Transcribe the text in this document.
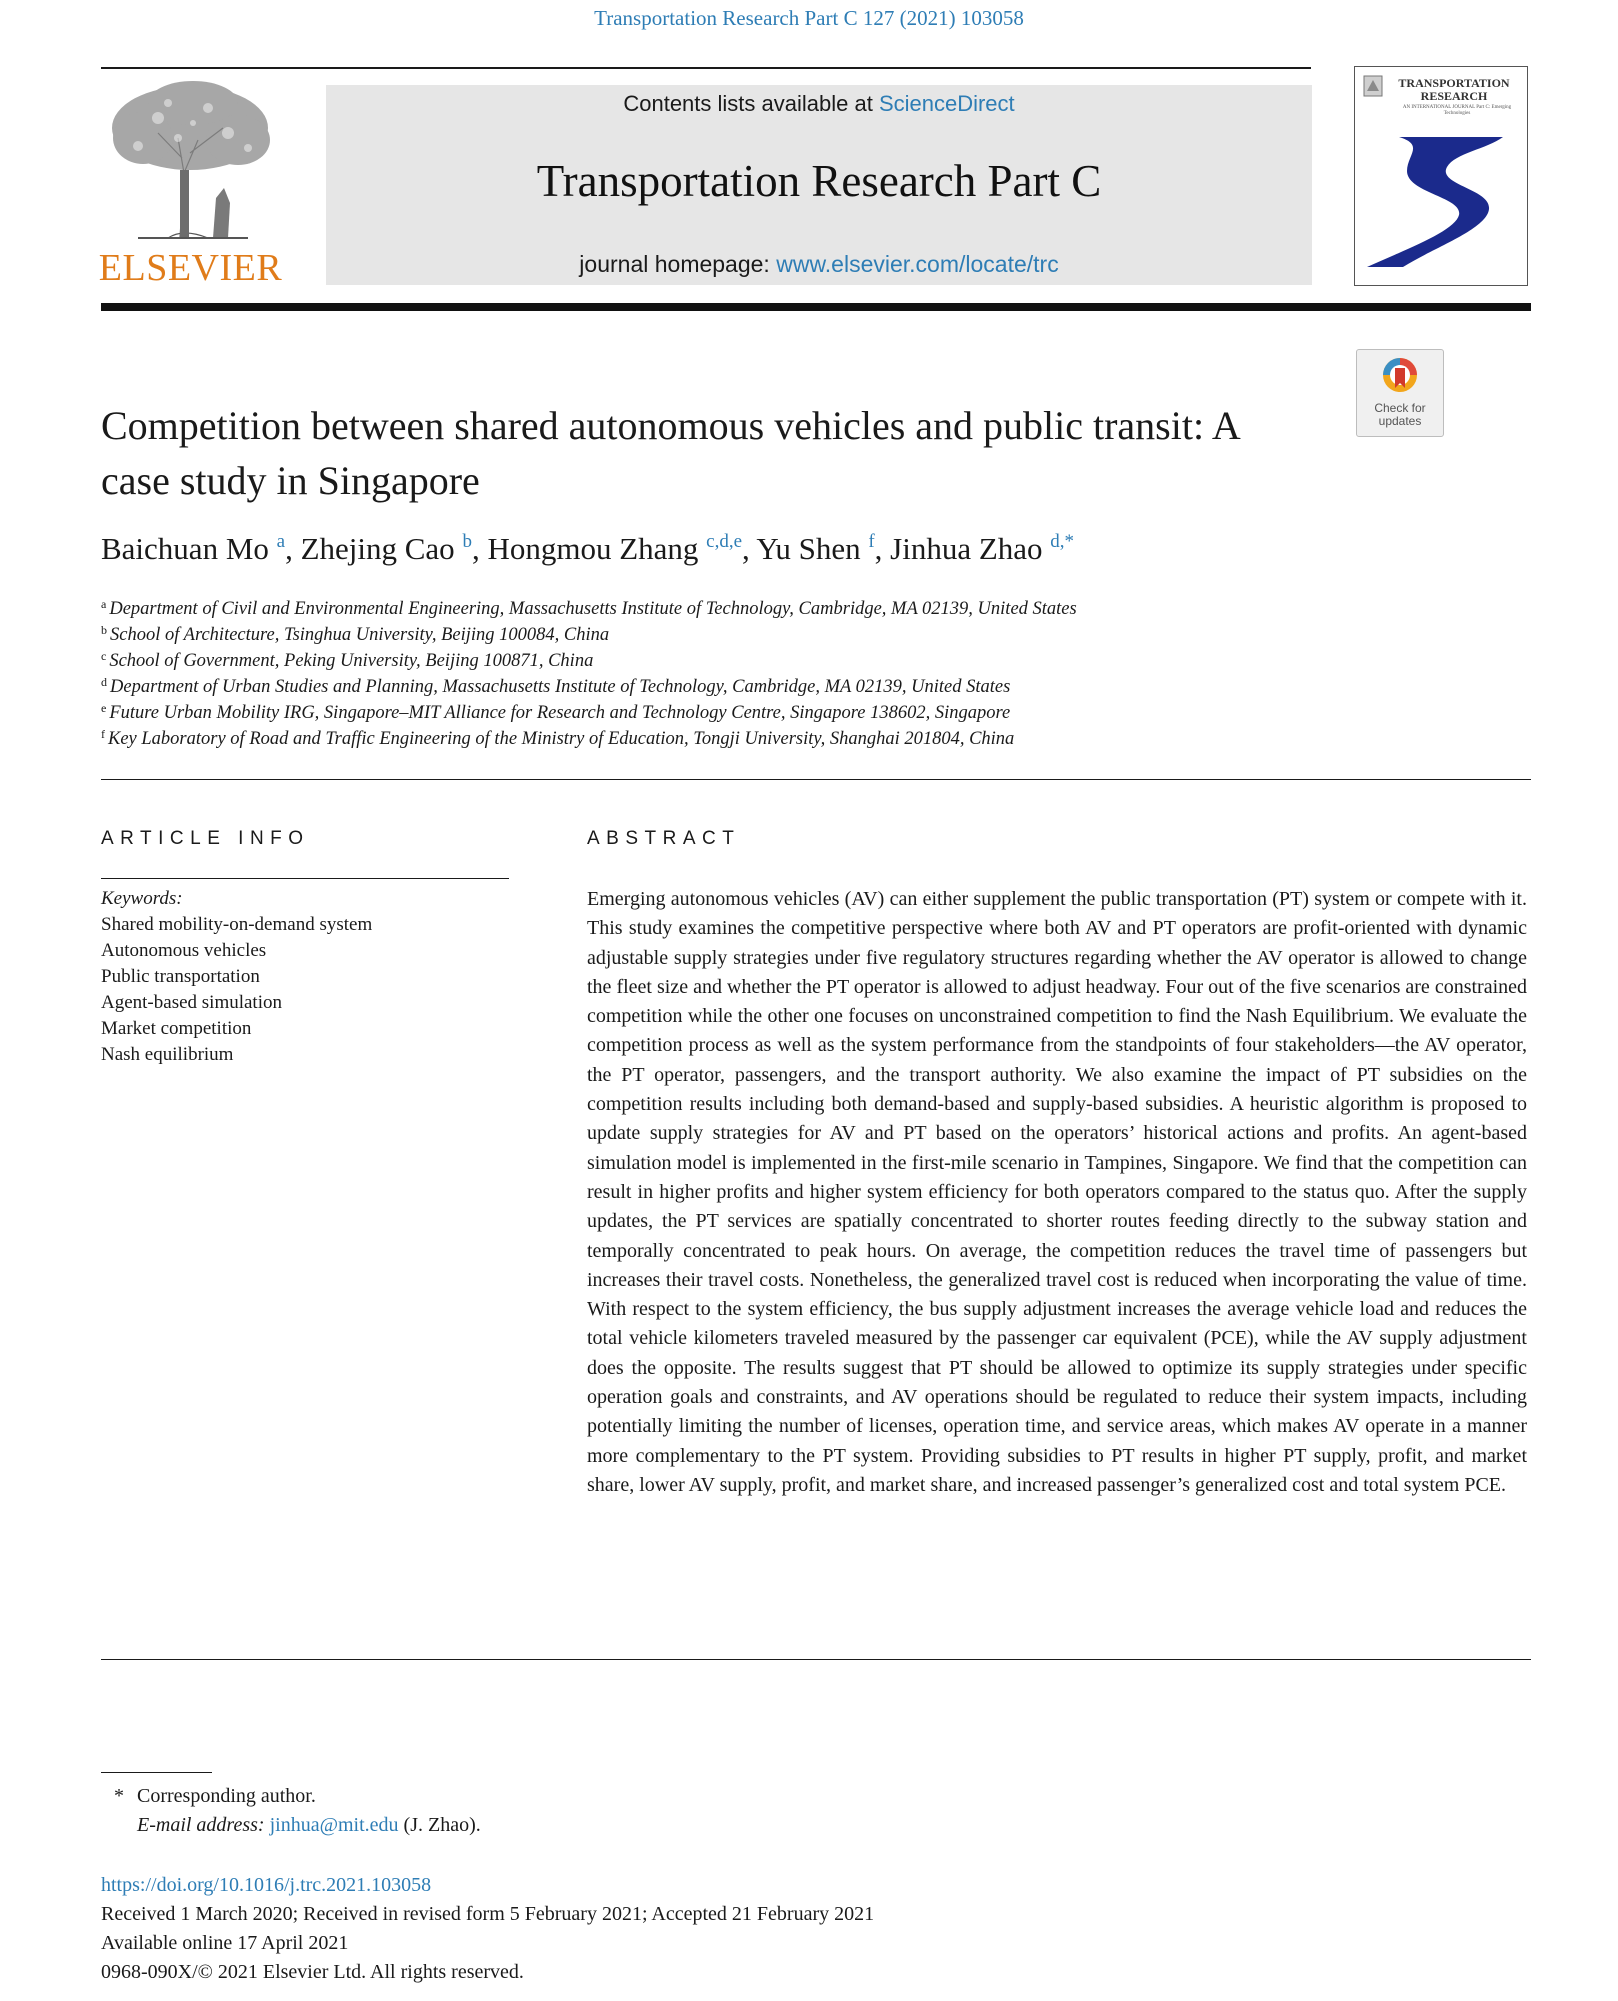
Transportation Research Part C 127 (2021) 103058
ELSEVIER
Contents lists available at ScienceDirect
Transportation Research Part C
journal homepage: www.elsevier.com/locate/trc
TRANSPORTATION RESEARCH
AN INTERNATIONAL JOURNAL Part C: Emerging Technologies
Check for updates
Competition between shared autonomous vehicles and public transit: A case study in Singapore
Baichuan Mo $^a$, Zhejing Cao $^b$, Hongmou Zhang $^{c,d,e}$, Yu Shen $^f$, Jinhua Zhao $^{d,*}$
$^a$ Department of Civil and Environmental Engineering, Massachusetts Institute of Technology, Cambridge, MA 02139, United States
$^b$ School of Architecture, Tsinghua University, Beijing 100084, China
$^c$ School of Government, Peking University, Beijing 100871, China
$^d$ Department of Urban Studies and Planning, Massachusetts Institute of Technology, Cambridge, MA 02139, United States
$^e$ Future Urban Mobility IRG, Singapore–MIT Alliance for Research and Technology Centre, Singapore 138602, Singapore
$^f$ Key Laboratory of Road and Traffic Engineering of the Ministry of Education, Tongji University, Shanghai 201804, China
ARTICLE INFO	ABSTRACT
Keywords:
Shared mobility-on-demand system
Autonomous vehicles
Public transportation
Agent-based simulation
Market competition
Nash equilibrium

Emerging autonomous vehicles (AV) can either supplement the public transportation (PT) system or compete with it. This study examines the competitive perspective where both AV and PT operators are profit-oriented with dynamic adjustable supply strategies under five regulatory structures regarding whether the AV operator is allowed to change the fleet size and whether the PT operator is allowed to adjust headway. Four out of the five scenarios are constrained competition while the other one focuses on unconstrained competition to find the Nash Equilibrium. We evaluate the competition process as well as the system performance from the standpoints of four stakeholders—the AV operator, the PT operator, passengers, and the transport authority. We also examine the impact of PT subsidies on the competition results including both demand-based and supply-based subsidies. A heuristic algorithm is proposed to update supply strategies for AV and PT based on the operators’ historical actions and profits. An agent-based simulation model is implemented in the first-mile scenario in Tampines, Singapore. We find that the competition can result in higher profits and higher system efficiency for both operators compared to the status quo. After the supply updates, the PT services are spatially concentrated to shorter routes feeding directly to the subway station and temporally concentrated to peak hours. On average, the competition reduces the travel time of passengers but increases their travel costs. Nonetheless, the generalized travel cost is reduced when incorporating the value of time. With respect to the system efficiency, the bus supply adjustment increases the average vehicle load and reduces the total vehicle kilometers traveled measured by the passenger car equivalent (PCE), while the AV supply adjustment does the opposite. The results suggest that PT should be allowed to optimize its supply strategies under specific operation goals and constraints, and AV operations should be regulated to reduce their system impacts, including potentially limiting the number of licenses, operation time, and service areas, which makes AV operate in a manner more complementary to the PT system. Providing subsidies to PT results in higher PT supply, profit, and market share, lower AV supply, profit, and market share, and increased passenger’s generalized cost and total system PCE.

* Corresponding author.
E-mail address: jinhua@mit.edu (J. Zhao).
https://doi.org/10.1016/j.trc.2021.103058
Received 1 March 2020; Received in revised form 5 February 2021; Accepted 21 February 2021
Available online 17 April 2021
0968-090X/© 2021 Elsevier Ltd. All rights reserved.
